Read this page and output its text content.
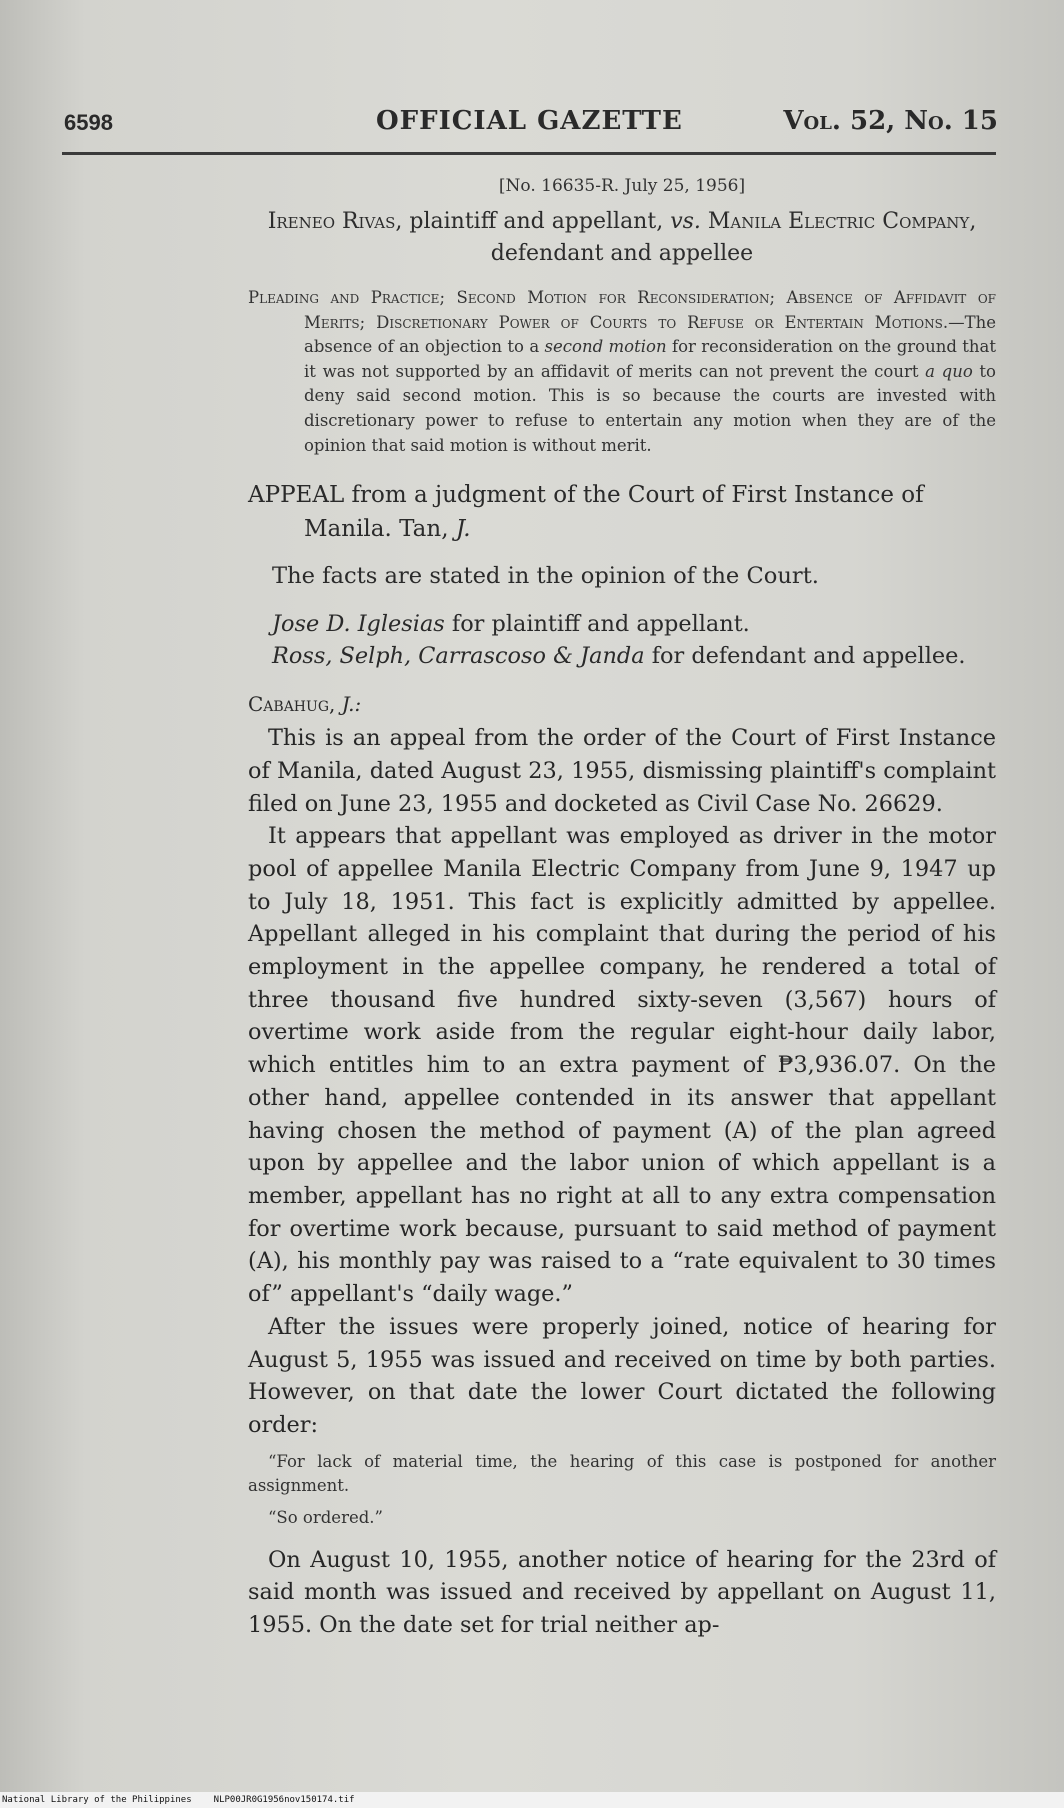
6598	OFFICIAL GAZETTE	Vol. 52, No. 15
[No. 16635-R. July 25, 1956]
Ireneo Rivas, plaintiff and appellant, vs. Manila Electric Company, defendant and appellee
Pleading and Practice; Second Motion for Reconsideration; Absence of Affidavit of Merits; Discretionary Power of Courts to Refuse or Entertain Motions.—The absence of an objection to a second motion for reconsideration on the ground that it was not supported by an affidavit of merits can not prevent the court a quo to deny said second motion. This is so because the courts are invested with discretionary power to refuse to entertain any motion when they are of the opinion that said motion is without merit.
APPEAL from a judgment of the Court of First Instance of Manila. Tan, J.
The facts are stated in the opinion of the Court.

Jose D. Iglesias for plaintiff and appellant.

Ross, Selph, Carrascoso & Janda for defendant and appellee.

Cabahug, J.:

This is an appeal from the order of the Court of First Instance of Manila, dated August 23, 1955, dismissing plaintiff's complaint filed on June 23, 1955 and docketed as Civil Case No. 26629.

It appears that appellant was employed as driver in the motor pool of appellee Manila Electric Company from June 9, 1947 up to July 18, 1951. This fact is explicitly admitted by appellee. Appellant alleged in his complaint that during the period of his employment in the appellee company, he rendered a total of three thousand five hundred sixty-seven (3,567) hours of overtime work aside from the regular eight-hour daily labor, which entitles him to an extra payment of ₱3,936.07. On the other hand, appellee contended in its answer that appellant having chosen the method of payment (A) of the plan agreed upon by appellee and the labor union of which appellant is a member, appellant has no right at all to any extra compensation for overtime work because, pursuant to said method of payment (A), his monthly pay was raised to a “rate equivalent to 30 times of” appellant's “daily wage.”

After the issues were properly joined, notice of hearing for August 5, 1955 was issued and received on time by both parties. However, on that date the lower Court dictated the following order:

“For lack of material time, the hearing of this case is postponed for another assignment.

“So ordered.”

On August 10, 1955, another notice of hearing for the 23rd of said month was issued and received by appellant on August 11, 1955. On the date set for trial neither ap-

National Library of the Philippines NLP00JR0G1956nov150174.tif
